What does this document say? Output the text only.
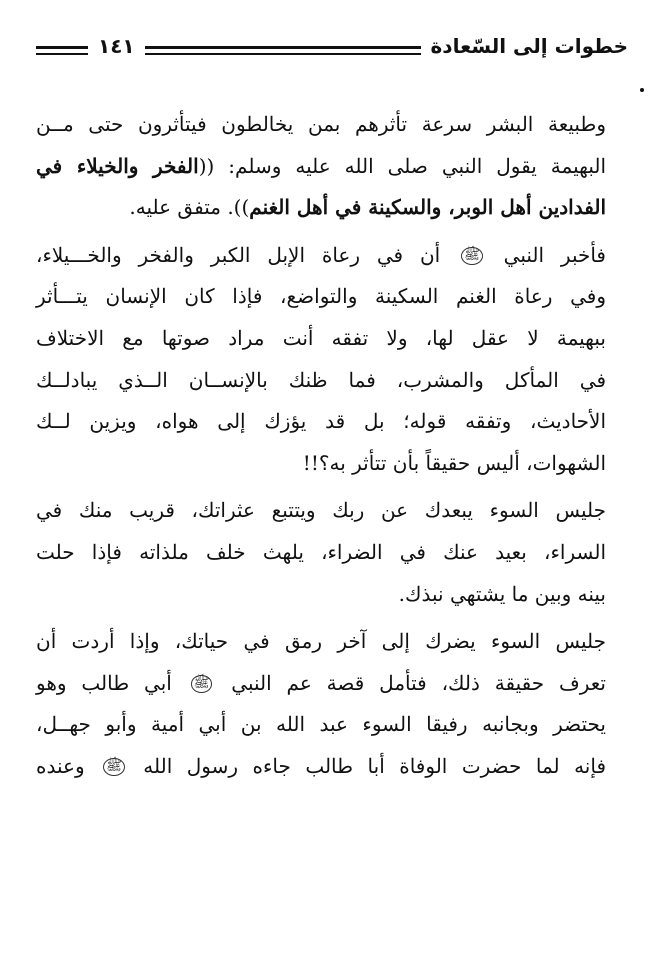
خطوات إلى السّعادة
١٤١

وطبيعة البشر سرعة تأثرهم بمن يخالطون فيتأثرون حتى مــن
البهيمة يقول النبي صلى الله عليه وسلم: ((الفخر والخيلاء في
الفدادين أهل الوبر، والسكينة في أهل الغنم)). متفق عليه.

فأخبر النبي ﷺ أن في رعاة الإبل الكبر والفخر والخـــيلاء،
وفي رعاة الغنم السكينة والتواضع، فإذا كان الإنسان يتـــأثر
ببهيمة لا عقل لها، ولا تفقه أنت مراد صوتها مع الاختلاف
في المأكل والمشرب، فما ظنك بالإنســان الــذي يبادلــك
الأحاديث، وتفقه قوله؛ بل قد يؤزك إلى هواه، ويزين لــك
الشهوات، أليس حقيقاً بأن تتأثر به؟!!

جليس السوء يبعدك عن ربك ويتتبع عثراتك، قريب منك في
السراء، بعيد عنك في الضراء، يلهث خلف ملذاته فإذا حلت
بينه وبين ما يشتهي نبذك.

جليس السوء يضرك إلى آخر رمق في حياتك، وإذا أردت أن
تعرف حقيقة ذلك، فتأمل قصة عم النبي ﷺ أبي طالب وهو
يحتضر وبجانبه رفيقا السوء عبد الله بن أبي أمية وأبو جهــل،
فإنه لما حضرت الوفاة أبا طالب جاءه رسول الله ﷺ وعنده
